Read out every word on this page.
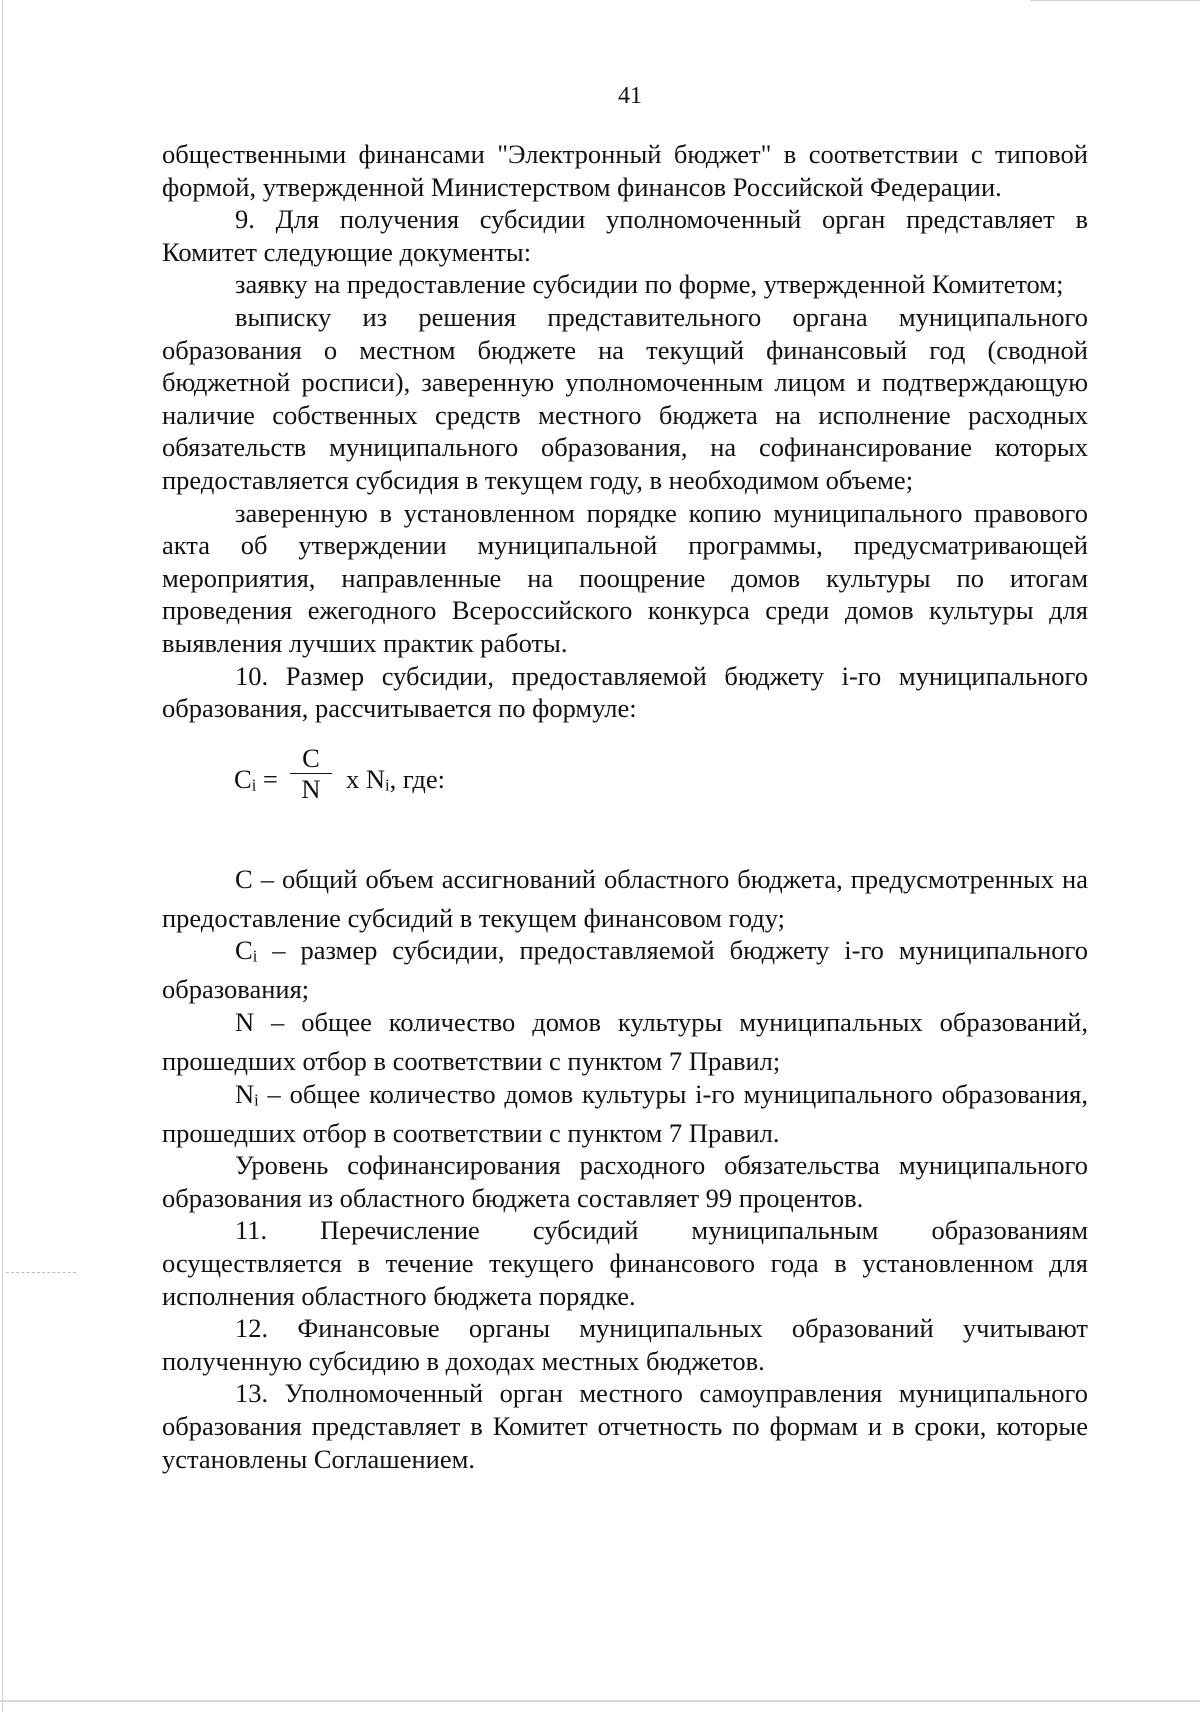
41

общественными финансами "Электронный бюджет" в соответствии с типовой формой, утвержденной Министерством финансов Российской Федерации.

9. Для получения субсидии уполномоченный орган представляет в Комитет следующие документы:

заявку на предоставление субсидии по форме, утвержденной Комитетом;

выписку из решения представительного органа муниципального образования о местном бюджете на текущий финансовый год (сводной бюджетной росписи), заверенную уполномоченным лицом и подтверждающую наличие собственных средств местного бюджета на исполнение расходных обязательств муниципального образования, на софинансирование которых предоставляется субсидия в текущем году, в необходимом объеме;

заверенную в установленном порядке копию муниципального правового акта об утверждении муниципальной программы, предусматривающей мероприятия, направленные на поощрение домов культуры по итогам проведения ежегодного Всероссийского конкурса среди домов культуры для выявления лучших практик работы.

10. Размер субсидии, предоставляемой бюджету i-го муниципального образования, рассчитывается по формуле:

$C_i = \frac{C}{N}$ x $N_i$, где:

C – общий объем ассигнований областного бюджета, предусмотренных на предоставление субсидий в текущем финансовом году;

$C_i$ – размер субсидии, предоставляемой бюджету i-го муниципального образования;

N – общее количество домов культуры муниципальных образований, прошедших отбор в соответствии с пунктом 7 Правил;

$N_i$ – общее количество домов культуры i-го муниципального образования, прошедших отбор в соответствии с пунктом 7 Правил.

Уровень софинансирования расходного обязательства муниципального образования из областного бюджета составляет 99 процентов.

11. Перечисление субсидий муниципальным образованиям осуществляется в течение текущего финансового года в установленном для исполнения областного бюджета порядке.

12. Финансовые органы муниципальных образований учитывают полученную субсидию в доходах местных бюджетов.

13. Уполномоченный орган местного самоуправления муниципального образования представляет в Комитет отчетность по формам и в сроки, которые установлены Соглашением.
